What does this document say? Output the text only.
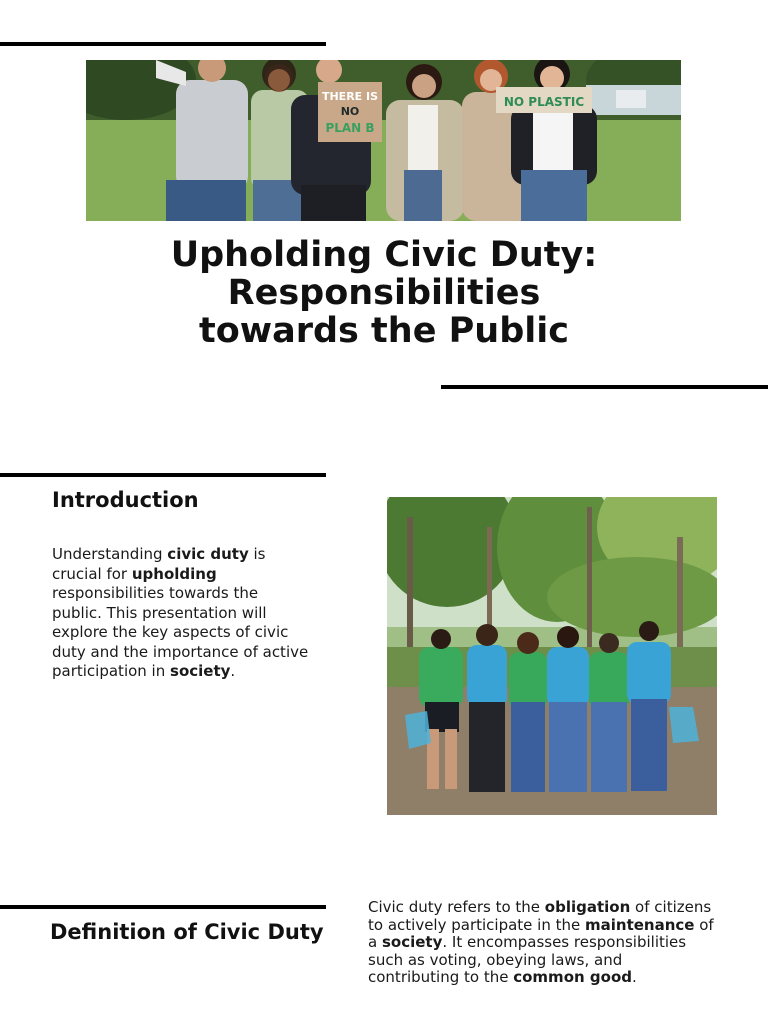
THERE IS
NO
PLAN B
NO PLASTIC
Upholding Civic Duty:
Responsibilities
towards the Public
Introduction

Understanding civic duty is crucial for upholding responsibilities towards the public. This presentation will explore the key aspects of civic duty and the importance of active participation in society.

Definition of Civic Duty

Civic duty refers to the obligation of citizens to actively participate in the maintenance of a society. It encompasses responsibilities such as voting, obeying laws, and contributing to the common good.
